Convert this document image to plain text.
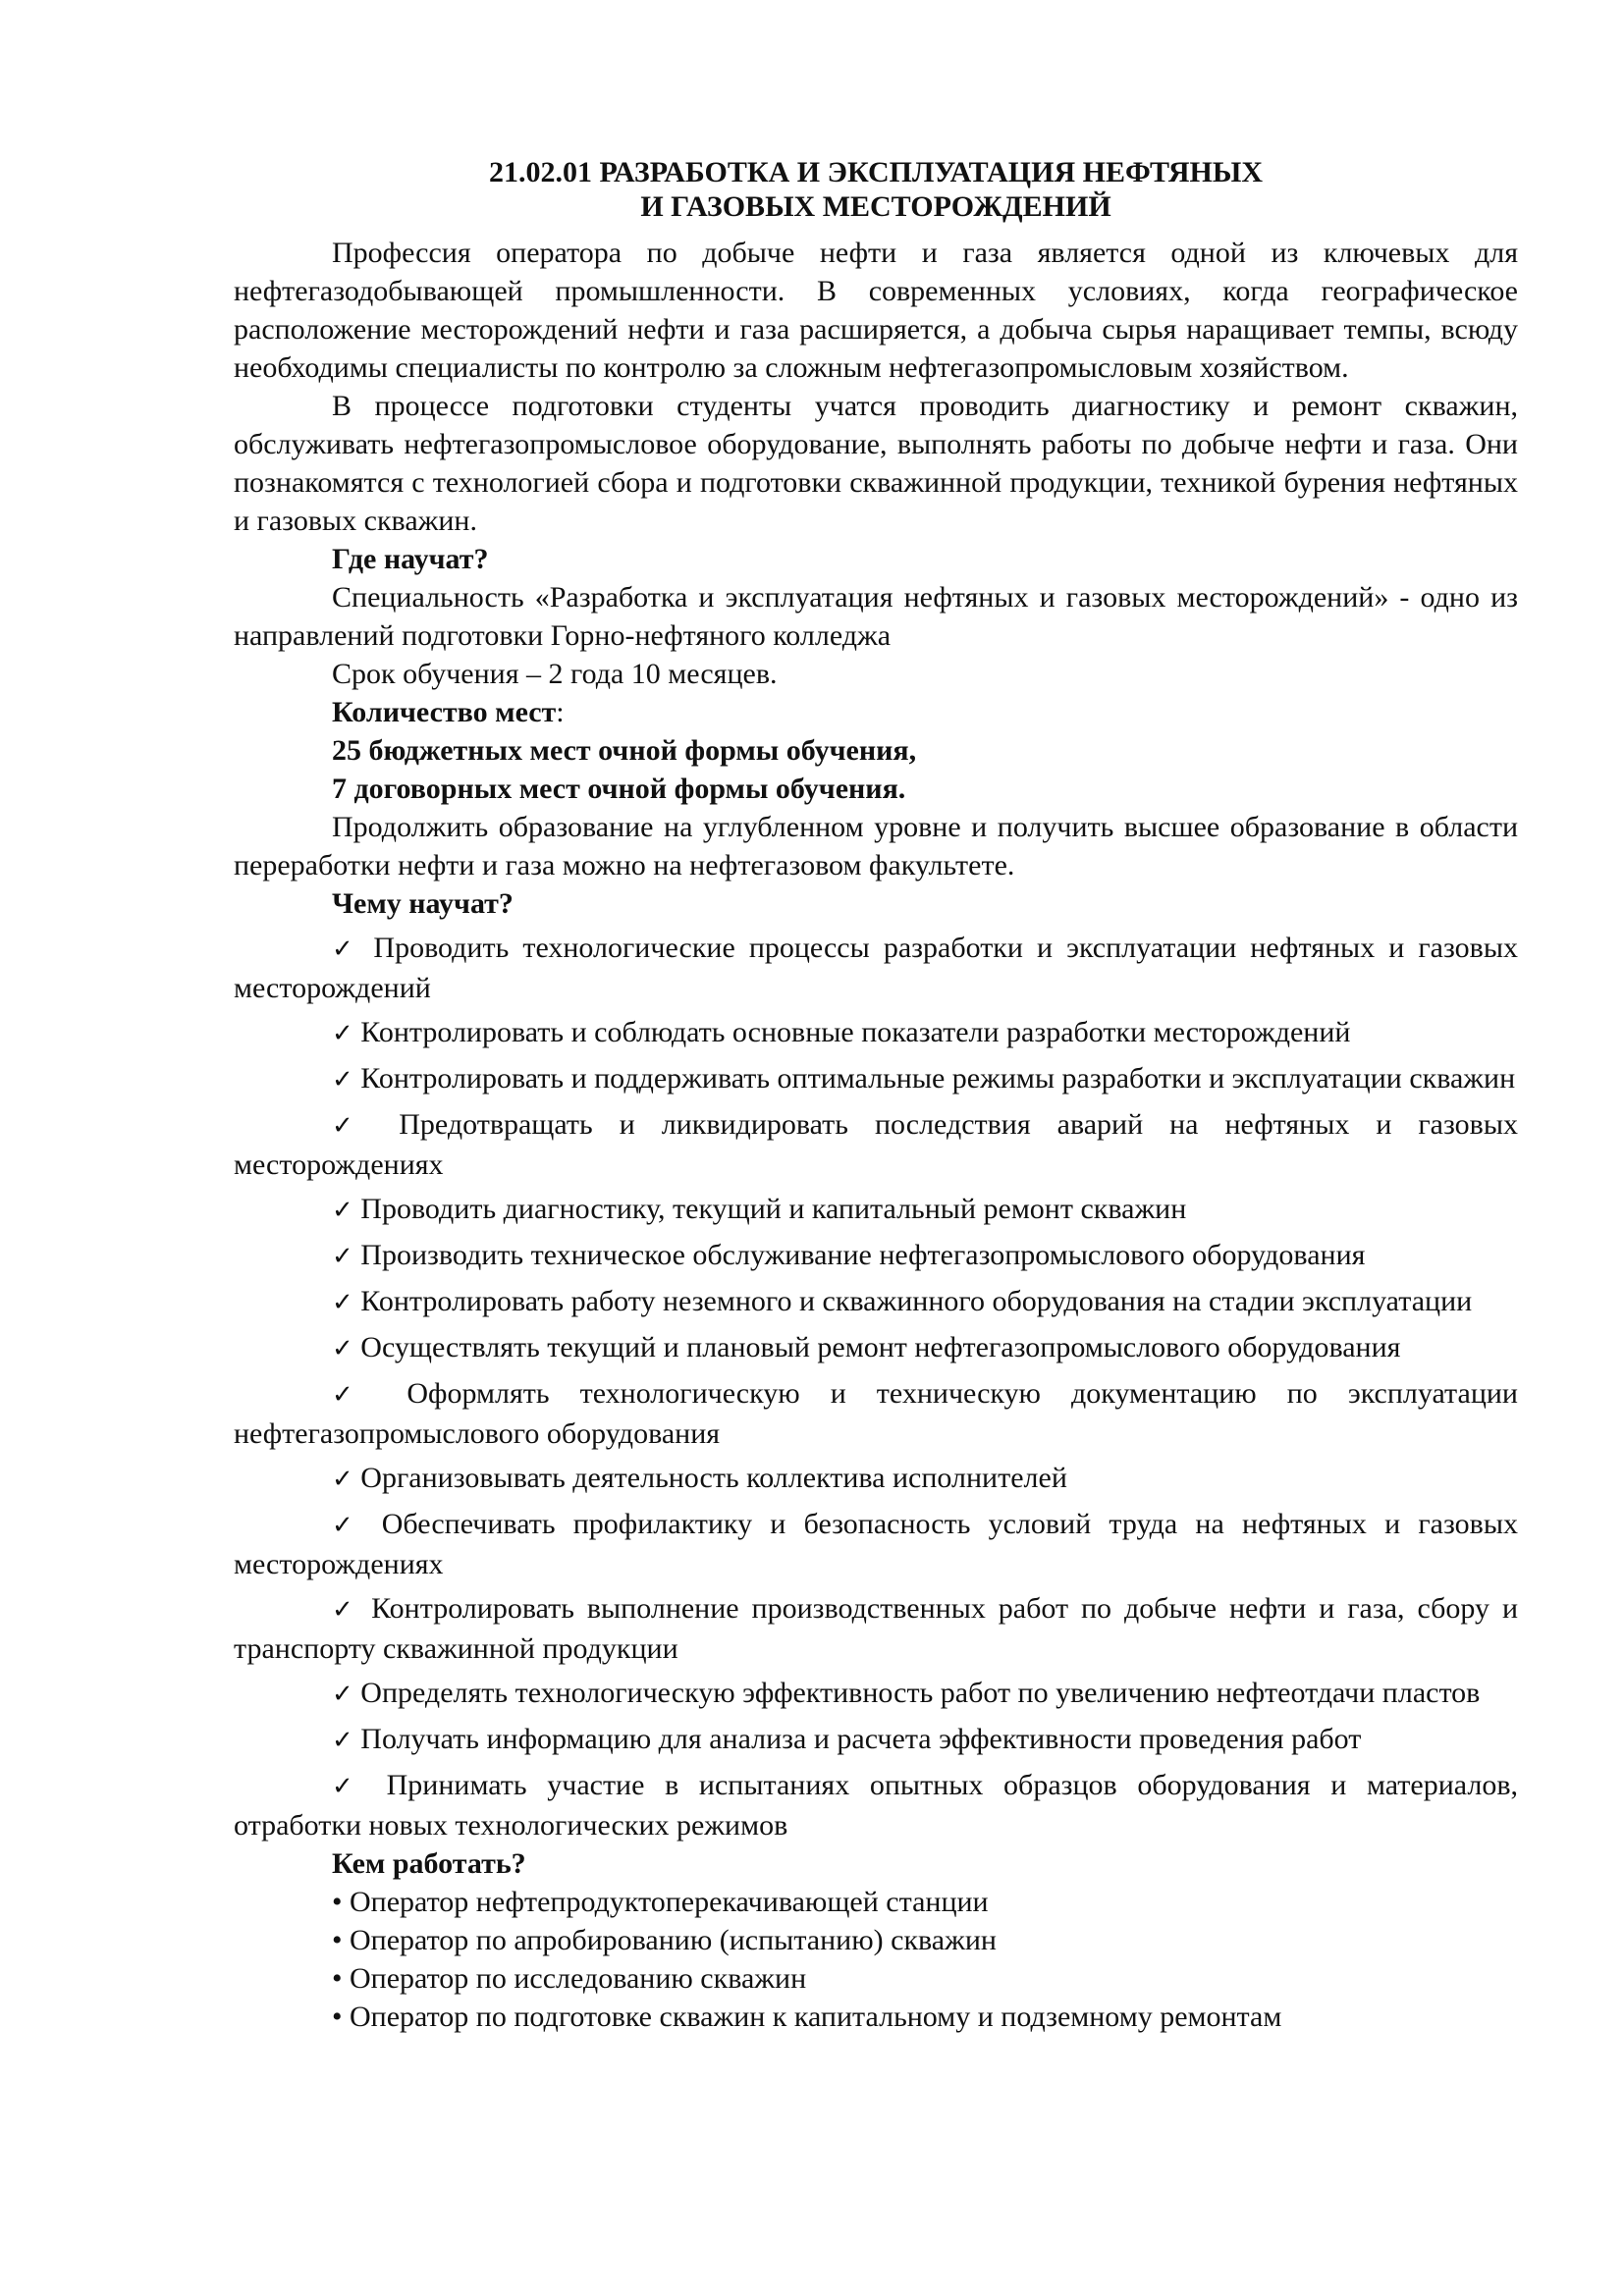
21.02.01 РАЗРАБОТКА И ЭКСПЛУАТАЦИЯ НЕФТЯНЫХ
И ГАЗОВЫХ МЕСТОРОЖДЕНИЙ

Профессия оператора по добыче нефти и газа является одной из ключевых для нефтегазодобывающей промышленности. В современных условиях, когда географическое расположение месторождений нефти и газа расширяется, а добыча сырья наращивает темпы, всюду необходимы специалисты по контролю за сложным нефтегазопромысловым хозяйством.

В процессе подготовки студенты учатся проводить диагностику и ремонт скважин, обслуживать нефтегазопромысловое оборудование, выполнять работы по добыче нефти и газа. Они познакомятся с технологией сбора и подготовки скважинной продукции, техникой бурения нефтяных и газовых скважин.

Где научат?

Специальность «Разработка и эксплуатация нефтяных и газовых месторождений» - одно из направлений подготовки Горно-нефтяного колледжа

Срок обучения – 2 года 10 месяцев.

Количество мест:

25 бюджетных мест очной формы обучения,

7 договорных мест очной формы обучения.

Продолжить образование на углубленном уровне и получить высшее образование в области переработки нефти и газа можно на нефтегазовом факультете.

Чему научат?

✓ Проводить технологические процессы разработки и эксплуатации нефтяных и газовых месторождений

✓ Контролировать и соблюдать основные показатели разработки месторождений

✓ Контролировать и поддерживать оптимальные режимы разработки и эксплуатации скважин

✓ Предотвращать и ликвидировать последствия аварий на нефтяных и газовых месторождениях

✓ Проводить диагностику, текущий и капитальный ремонт скважин

✓ Производить техническое обслуживание нефтегазопромыслового оборудования

✓ Контролировать работу неземного и скважинного оборудования на стадии эксплуатации

✓ Осуществлять текущий и плановый ремонт нефтегазопромыслового оборудования

✓ Оформлять технологическую и техническую документацию по эксплуатации нефтегазопромыслового оборудования

✓ Организовывать деятельность коллектива исполнителей

✓ Обеспечивать профилактику и безопасность условий труда на нефтяных и газовых месторождениях

✓ Контролировать выполнение производственных работ по добыче нефти и газа, сбору и транспорту скважинной продукции

✓ Определять технологическую эффективность работ по увеличению нефтеотдачи пластов

✓ Получать информацию для анализа и расчета эффективности проведения работ

✓ Принимать участие в испытаниях опытных образцов оборудования и материалов, отработки новых технологических режимов

Кем работать?

• Оператор нефтепродуктоперекачивающей станции

• Оператор по апробированию (испытанию) скважин

• Оператор по исследованию скважин

• Оператор по подготовке скважин к капитальному и подземному ремонтам
